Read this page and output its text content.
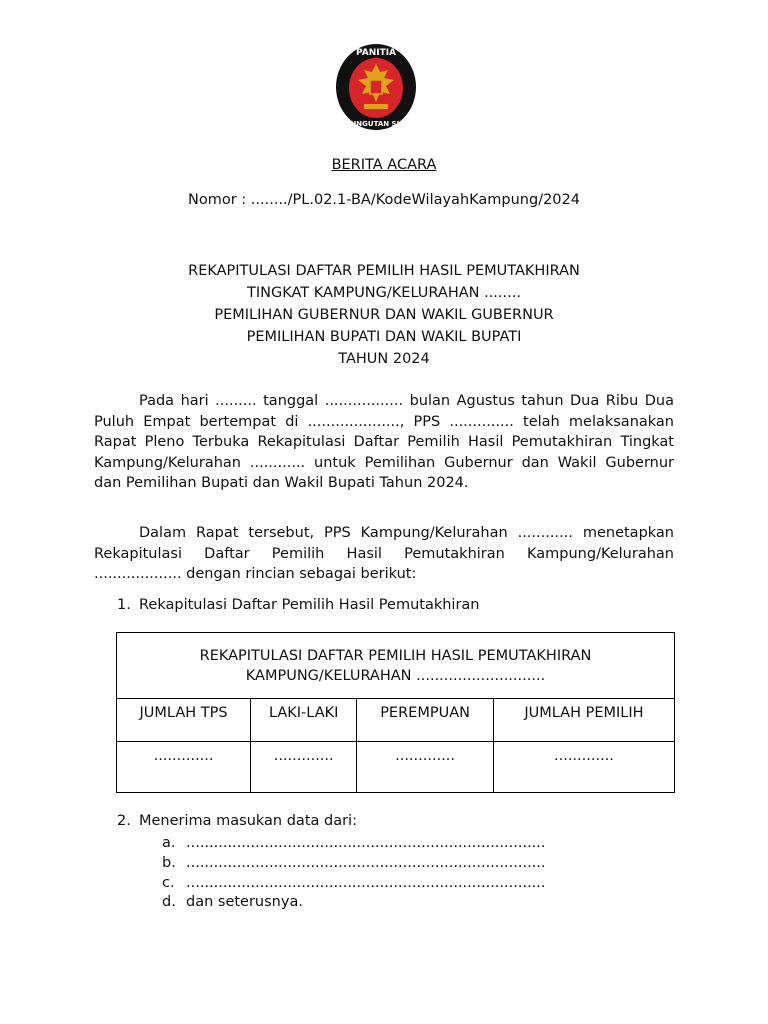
PANITIA
PEMUNGUTAN SUARA
BERITA ACARA
Nomor : ......../PL.02.1-BA/KodeWilayahKampung/2024
REKAPITULASI DAFTAR PEMILIH HASIL PEMUTAKHIRAN
TINGKAT KAMPUNG/KELURAHAN ........
PEMILIHAN GUBERNUR DAN WAKIL GUBERNUR
PEMILIHAN BUPATI DAN WAKIL BUPATI
TAHUN 2024
Pada hari ......... tanggal ................. bulan Agustus tahun Dua Ribu Dua Puluh Empat bertempat di ...................., PPS .............. telah melaksanakan Rapat Pleno Terbuka Rekapitulasi Daftar Pemilih Hasil Pemutakhiran Tingkat Kampung/Kelurahan ............ untuk Pemilihan Gubernur dan Wakil Gubernur dan Pemilihan Bupati dan Wakil Bupati Tahun 2024.
Dalam Rapat tersebut, PPS Kampung/Kelurahan ............ menetapkan Rekapitulasi Daftar Pemilih Hasil Pemutakhiran Kampung/Kelurahan ................... dengan rincian sebagai berikut:
1. Rekapitulasi Daftar Pemilih Hasil Pemutakhiran
REKAPITULASI DAFTAR PEMILIH HASIL PEMUTAKHIRAN
KAMPUNG/KELURAHAN ............................			

JUMLAH TPS	LAKI-LAKI	PEREMPUAN	JUMLAH PEMILIH
.............	.............	.............	.............
2. Menerima masukan data dari:
a. ..............................................................................
b. ..............................................................................
c. ..............................................................................
d. dan seterusnya.
